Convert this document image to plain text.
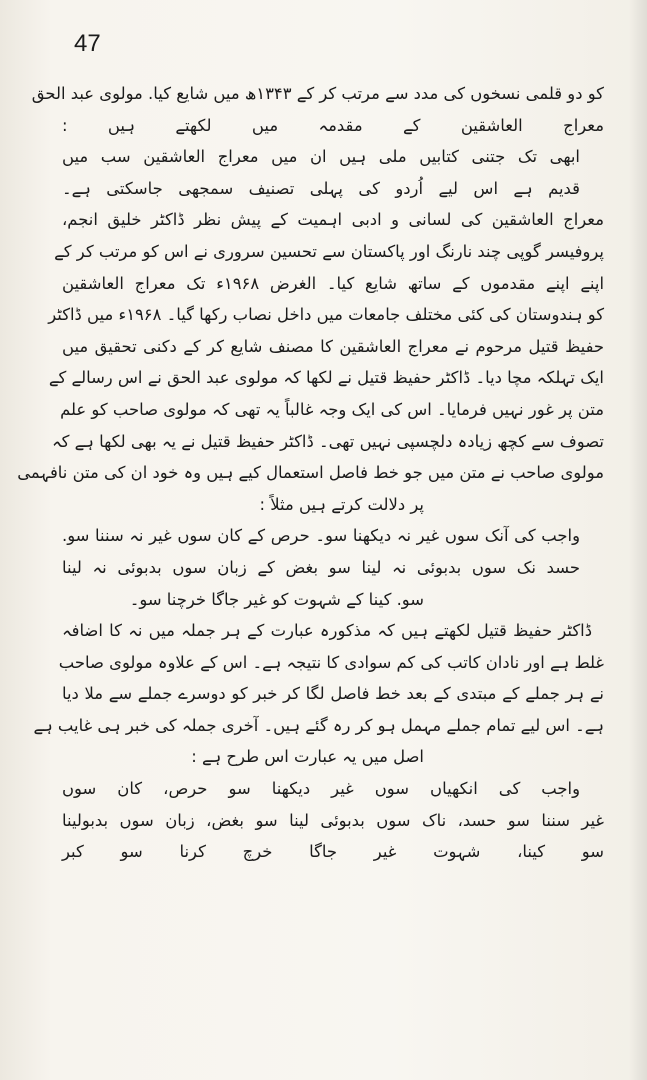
47
کو دو قلمی نسخوں کی مدد سے مرتب کر کے ۱۳۴۳ھ میں شایع کیا. مولوی عبد الحق
معراج العاشقین کے مقدمہ میں لکھتے ہیں :
ابھی تک جتنی کتابیں ملی ہیں ان میں معراج العاشقین سب میں
قدیم ہے اس لیے اُردو کی پہلی تصنیف سمجھی جاسکتی ہے۔
معراج العاشقین کی لسانی و ادبی اہمیت کے پیش نظر ڈاکٹر خلیق انجم،
پروفیسر گوپی چند نارنگ اور پاکستان سے تحسین سروری نے اس کو مرتب کر کے
اپنے اپنے مقدموں کے ساتھ شایع کیا۔ الغرض ۱۹۶۸ء تک معراج العاشقین
کو ہندوستان کی کئی مختلف جامعات میں داخل نصاب رکھا گیا۔ ۱۹۶۸ء میں ڈاکٹر
حفیظ قتیل مرحوم نے معراج العاشقین کا مصنف شایع کر کے دکنی تحقیق میں
ایک تہلکہ مچا دیا۔ ڈاکٹر حفیظ قتیل نے لکھا کہ مولوی عبد الحق نے اس رسالے کے
متن پر غور نہیں فرمایا۔ اس کی ایک وجہ غالباً یہ تھی کہ مولوی صاحب کو علم
تصوف سے کچھ زیادہ دلچسپی نہیں تھی۔ ڈاکٹر حفیظ قتیل نے یہ بھی لکھا ہے کہ
مولوی صاحب نے متن میں جو خط فاصل استعمال کیے ہیں وہ خود ان کی متن نافہمی
پر دلالت کرتے ہیں مثلاً :
واجب کی آنک سوں غیر نہ دیکھنا سو۔ حرص کے کان سوں غیر نہ سننا سو.
حسد نک سوں بدبوئی نہ لینا سو بغض کے زبان سوں بدبوئی نہ لینا
سو. کینا کے شہوت کو غیر جاگا خرچنا سو۔
ڈاکٹر حفیظ قتیل لکھتے ہیں کہ مذکورہ عبارت کے ہر جملہ میں نہ کا اضافہ
غلط ہے اور نادان کاتب کی کم سوادی کا نتیجہ ہے۔ اس کے علاوہ مولوی صاحب
نے ہر جملے کے مبتدی کے بعد خط فاصل لگا کر خبر کو دوسرے جملے سے ملا دیا
ہے۔ اس لیے تمام جملے مہمل ہو کر رہ گئے ہیں۔ آخری جملہ کی خبر ہی غایب ہے
اصل میں یہ عبارت اس طرح ہے :
واجب کی انکھیاں سوں غیر دیکھنا سو حرص، کان سوں
غیر سننا سو حسد، ناک سوں بدبوئی لینا سو بغض، زبان سوں بدبولینا
سو کینا، شہوت غیر جاگا خرچ کرنا سو کبر
